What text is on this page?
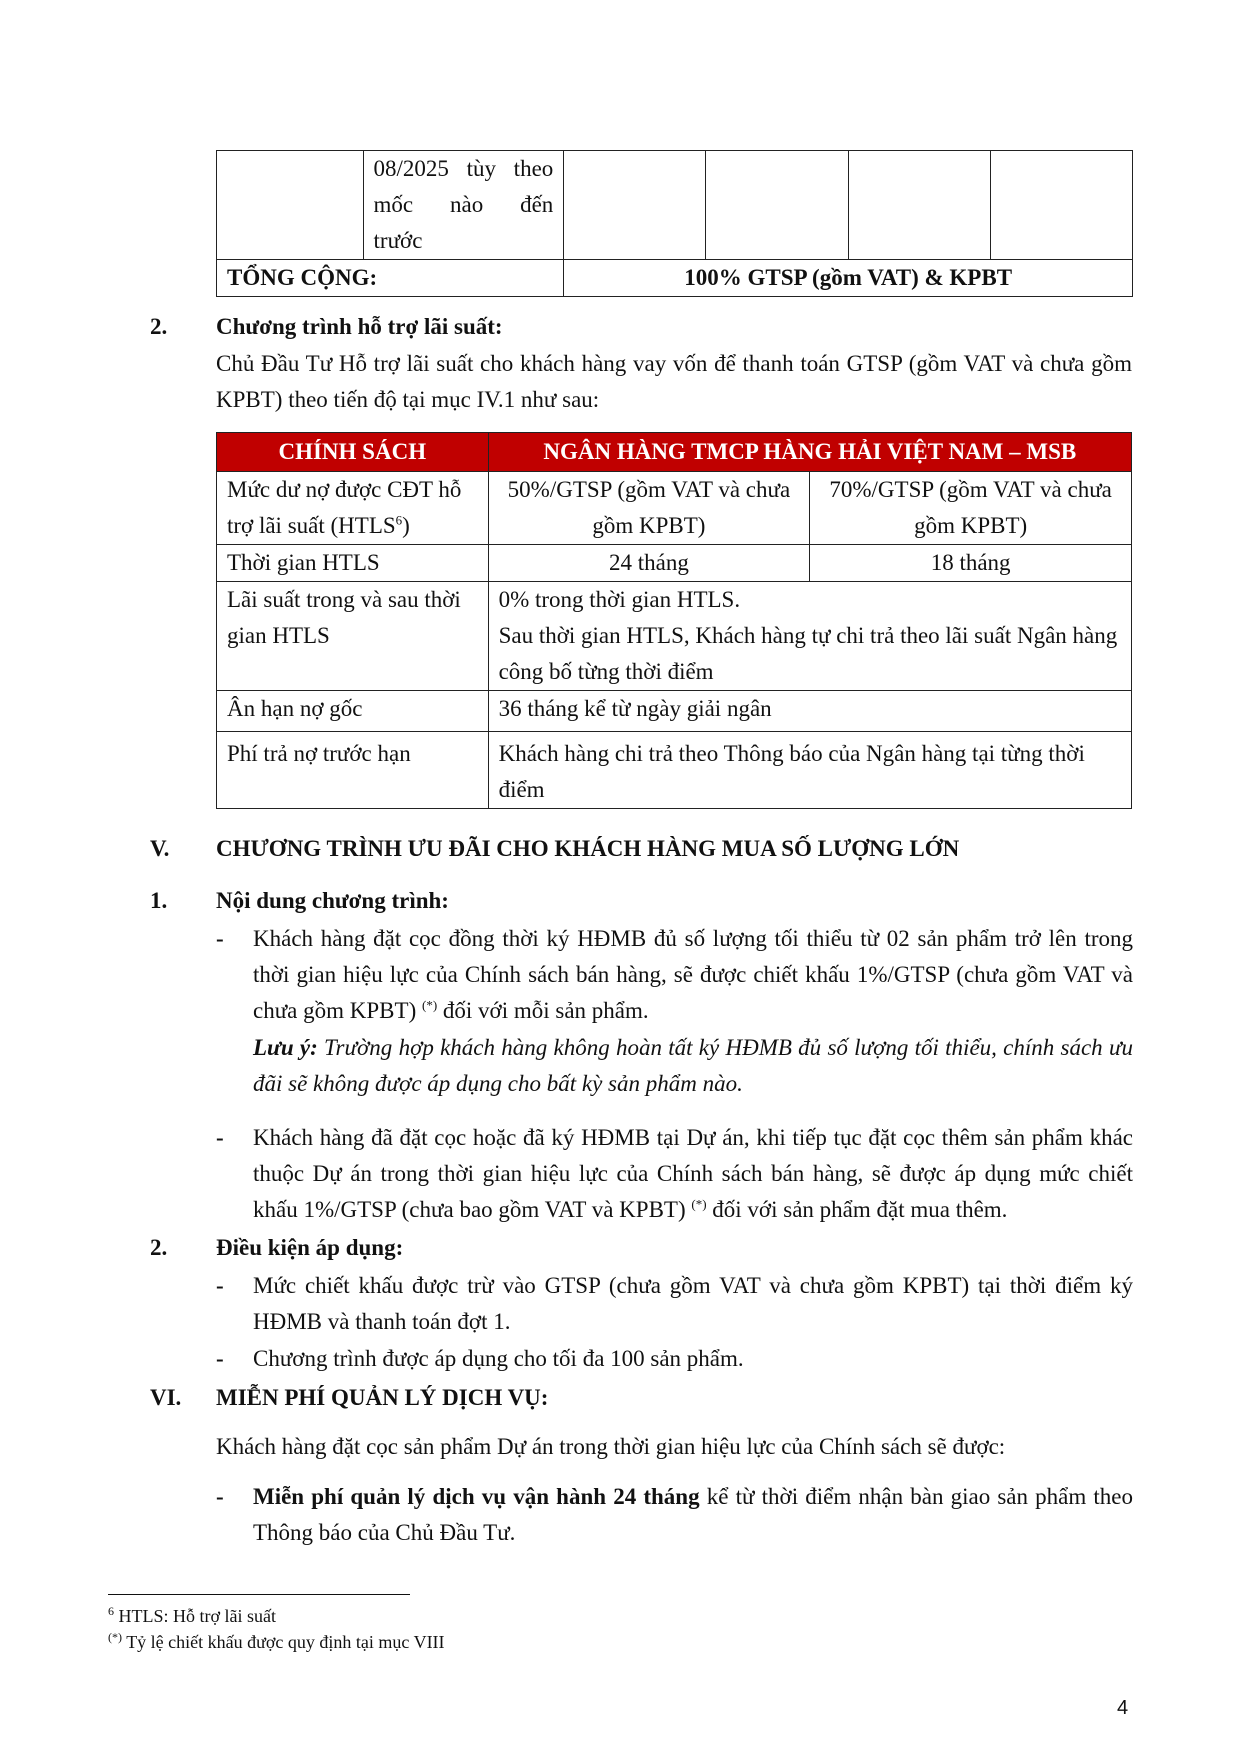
	08/2025 tùy theo
mốc nào đến
trước				

TỔNG CỘNG:		100% GTSP (gồm VAT) & KPBT			
2. Chương trình hỗ trợ lãi suất:
Chủ Đầu Tư Hỗ trợ lãi suất cho khách hàng vay vốn để thanh toán GTSP (gồm VAT và chưa gồm KPBT) theo tiến độ tại mục IV.1 như sau:
CHÍNH SÁCH	NGÂN HÀNG TMCP HÀNG HẢI VIỆT NAM – MSB	
Mức dư nợ được CĐT hỗ trợ lãi suất (HTLS$^6$)	50%/GTSP (gồm VAT và chưa gồm KPBT)	70%/GTSP (gồm VAT và chưa gồm KPBT)
Thời gian HTLS	24 tháng	18 tháng
Lãi suất trong và sau thời gian HTLS	0% trong thời gian HTLS.
Sau thời gian HTLS, Khách hàng tự chi trả theo lãi suất Ngân hàng công bố từng thời điểm	

Ân hạn nợ gốc	36 tháng kể từ ngày giải ngân	
Phí trả nợ trước hạn	Khách hàng chi trả theo Thông báo của Ngân hàng tại từng thời điểm	
V. CHƯƠNG TRÌNH ƯU ĐÃI CHO KHÁCH HÀNG MUA SỐ LƯỢNG LỚN
1. Nội dung chương trình:
- Khách hàng đặt cọc đồng thời ký HĐMB đủ số lượng tối thiểu từ 02 sản phẩm trở lên trong thời gian hiệu lực của Chính sách bán hàng, sẽ được chiết khấu 1%/GTSP (chưa gồm VAT và chưa gồm KPBT) (*) đối với mỗi sản phẩm.
Lưu ý: Trường hợp khách hàng không hoàn tất ký HĐMB đủ số lượng tối thiểu, chính sách ưu đãi sẽ không được áp dụng cho bất kỳ sản phẩm nào.
- Khách hàng đã đặt cọc hoặc đã ký HĐMB tại Dự án, khi tiếp tục đặt cọc thêm sản phẩm khác thuộc Dự án trong thời gian hiệu lực của Chính sách bán hàng, sẽ được áp dụng mức chiết khấu 1%/GTSP (chưa bao gồm VAT và KPBT) (*) đối với sản phẩm đặt mua thêm.
2. Điều kiện áp dụng:
- Mức chiết khấu được trừ vào GTSP (chưa gồm VAT và chưa gồm KPBT) tại thời điểm ký HĐMB và thanh toán đợt 1.
- Chương trình được áp dụng cho tối đa 100 sản phẩm.
VI. MIỄN PHÍ QUẢN LÝ DỊCH VỤ:
Khách hàng đặt cọc sản phẩm Dự án trong thời gian hiệu lực của Chính sách sẽ được:
- Miễn phí quản lý dịch vụ vận hành 24 tháng kể từ thời điểm nhận bàn giao sản phẩm theo Thông báo của Chủ Đầu Tư.
$^6$ HTLS: Hỗ trợ lãi suất
(*) Tỷ lệ chiết khấu được quy định tại mục VIII
4
